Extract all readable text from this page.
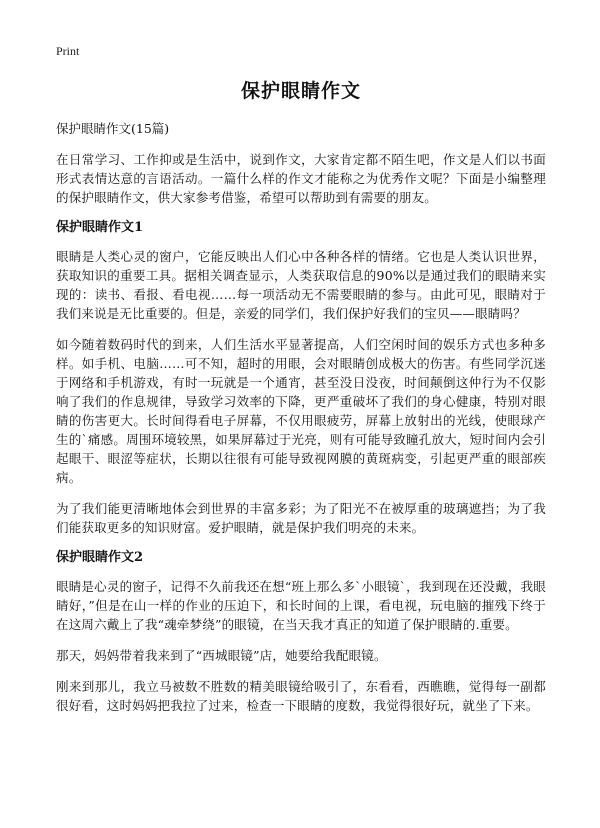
Print
保护眼睛作文
保护眼睛作文(15篇)

在日常学习、工作抑或是生活中，说到作文，大家肯定都不陌生吧，作文是人们以书面形式表情达意的言语活动。一篇什么样的作文才能称之为优秀作文呢？下面是小编整理的保护眼睛作文，供大家参考借鉴，希望可以帮助到有需要的朋友。

保护眼睛作文1

眼睛是人类心灵的窗户，它能反映出人们心中各种各样的情绪。它也是人类认识世界，获取知识的重要工具。据相关调查显示，人类获取信息的90%以是通过我们的眼睛来实现的：读书、看报、看电视……每一项活动无不需要眼睛的参与。由此可见，眼睛对于我们来说是无比重要的。但是，亲爱的同学们，我们保护好我们的宝贝——眼睛吗？

如今随着数码时代的到来，人们生活水平显著提高，人们空闲时间的娱乐方式也多种多样。如手机、电脑……可不知，超时的用眼，会对眼睛创成极大的伤害。有些同学沉迷于网络和手机游戏，有时一玩就是一个通宵，甚至没日没夜，时间颠倒这仲行为不仅影响了我们的作息规律，导致学习效率的下降，更严重破坏了我们的身心健康，特别对眼睛的伤害更大。长时间得看电子屏幕，不仅用眼疲劳，屏幕上放射出的光线，使眼球产生的`痛感。周围环境较黑，如果屏幕过于光亮，则有可能导致瞳孔放大，短时间内会引起眼干、眼涩等症状，长期以往很有可能导致视网膜的黄斑病变，引起更严重的眼部疾病。

为了我们能更清晰地体会到世界的丰富多彩；为了阳光不在被厚重的玻璃遮挡；为了我们能获取更多的知识财富。爱护眼睛，就是保护我们明亮的未来。

保护眼睛作文2

眼睛是心灵的窗子，记得不久前我还在想“班上那么多`小眼镜`，我到现在还没戴，我眼睛好，”但是在山一样的作业的压迫下，和长时间的上课，看电视，玩电脑的摧残下终于在这周六戴上了我“魂牵梦绕”的眼镜，在当天我才真正的知道了保护眼睛的.重要。

那天，妈妈带着我来到了“西城眼镜”店，她要给我配眼镜。

刚来到那儿，我立马被数不胜数的精美眼镜给吸引了，东看看，西瞧瞧，觉得每一副都很好看，这时妈妈把我拉了过来，检查一下眼睛的度数，我觉得很好玩，就坐了下来。
